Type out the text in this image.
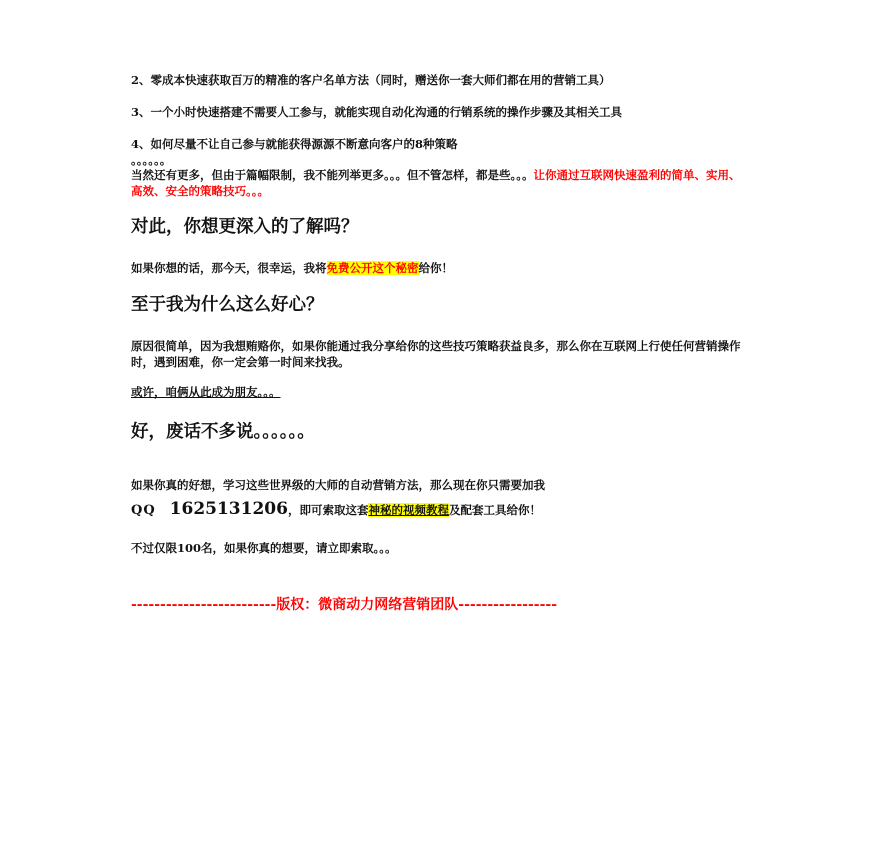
2、零成本快速获取百万的精准的客户名单方法（同时，赠送你一套大师们都在用的营销工具）
3、一个小时快速搭建不需要人工参与，就能实现自动化沟通的行销系统的操作步骤及其相关工具
4、如何尽量不让自己参与就能获得源源不断意向客户的8种策略
。。。。。。
当然还有更多，但由于篇幅限制，我不能列举更多。。。但不管怎样，都是些。。。让你通过互联网快速盈利的简单、实用、高效、安全的策略技巧。。。
对此，你想更深入的了解吗？
如果你想的话，那今天，很幸运，我将免费公开这个秘密给你！
至于我为什么这么好心？
原因很简单，因为我想贿赂你，如果你能通过我分享给你的这些技巧策略获益良多，那么你在互联网上行使任何营销操作时，遇到困难，你一定会第一时间来找我。
或许，咱俩从此成为朋友。。。
好，废话不多说。。。。。。
如果你真的好想，学习这些世界级的大师的自动营销方法，那么现在你只需要加我
QQ 1625131206，即可索取这套神秘的视频教程及配套工具给你！
不过仅限100名，如果你真的想要，请立即索取。。。
-------------------------版权：微商动力网络营销团队-----------------
